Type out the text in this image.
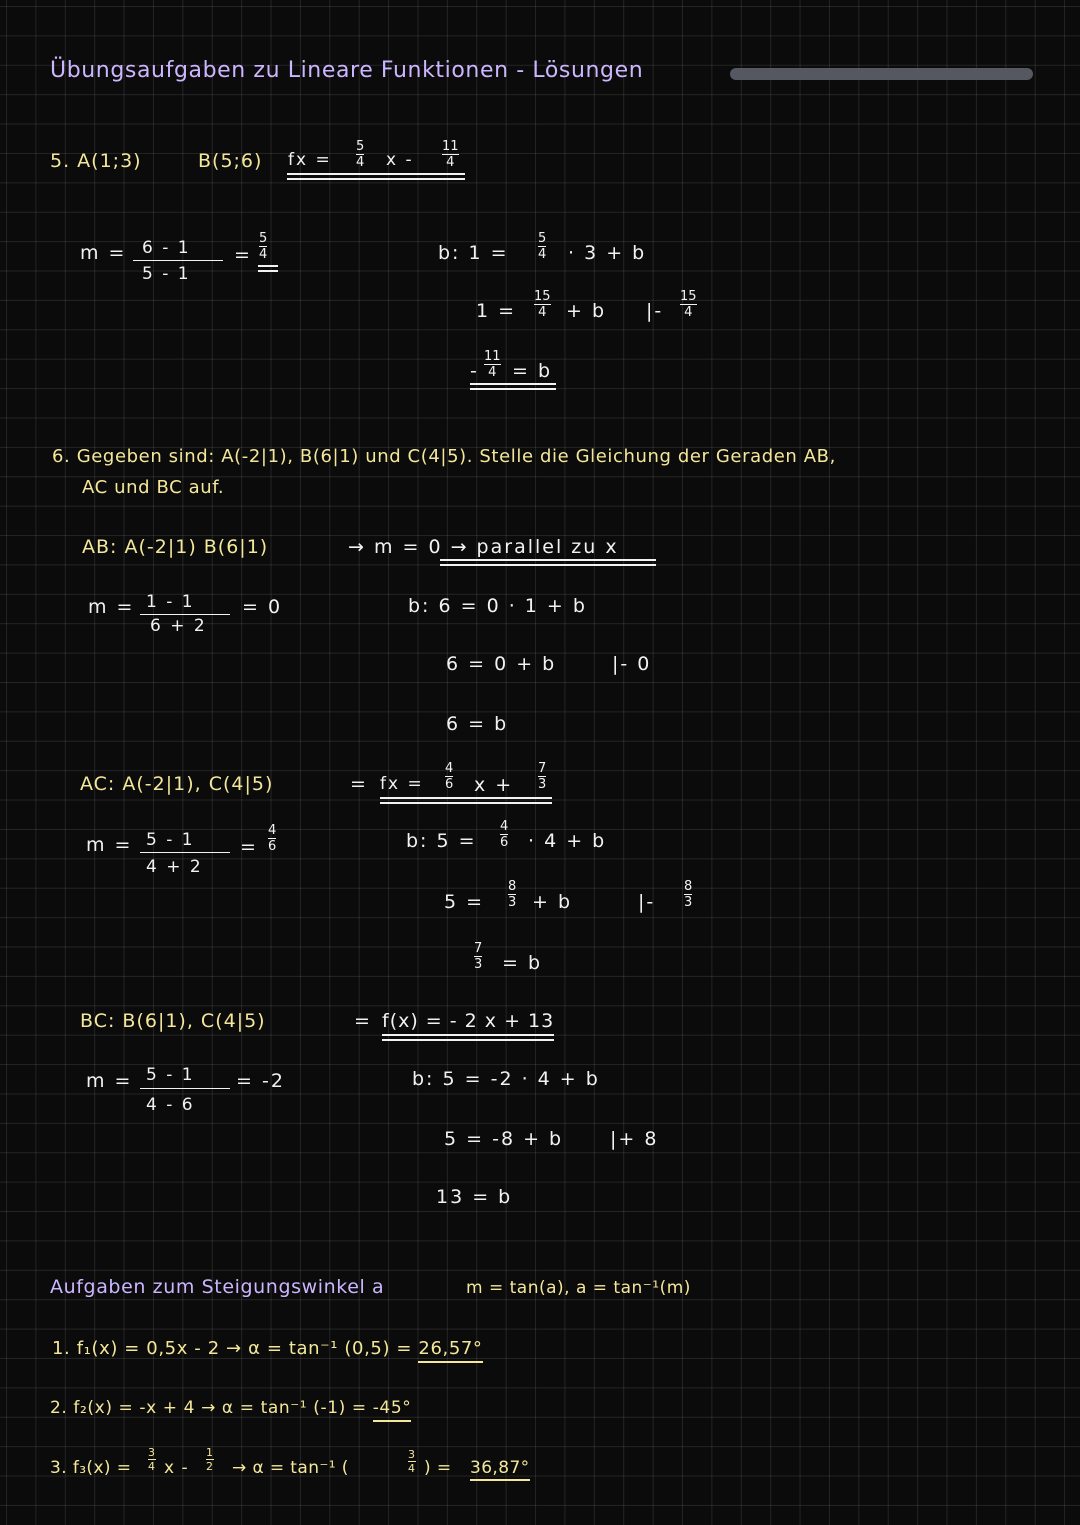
Übungsaufgaben zu Lineare Funktionen - Lösungen
5. A(1;3)	B(5;6) fx =
5
4 x -
11
4
m = 6 - 1
5 - 1
=
5
4	b: 1 =
5
4 · 3 + b
1 =
15
4 + b |-
15
4
-
11
4 = b
6. Gegeben sind: A(-2|1), B(6|1) und C(4|5). Stelle die Gleichung der Geraden AB,
AC und BC auf.
AB: A(-2|1) B(6|1)	→ m = 0 → parallel zu x
m = 1 - 1
6 + 2
= 0	b: 6 = 0 · 1 + b
6 = 0 + b	|- 0
6 = b
AC: A(-2|1), C(4|5)	= fx =
4
6 x +
7
3
m = 5 - 1
4 + 2
=
4
6	b: 5 =
4
6 · 4 + b
5 =
8
3 + b	|-
8
3
7
3 = b
BC: B(6|1), C(4|5)	= f(x) = - 2 x + 13
m = 5 - 1
4 - 6
= -2	b: 5 = -2 · 4 + b
5 = -8 + b |+ 8
13 = b
Aufgaben zum Steigungswinkel a	m = tan(a), a = tan⁻¹(m)
1. f₁(x) = 0,5x - 2 → α = tan⁻¹ (0,5) = 26,57°
2. f₂(x) = -x + 4 → α = tan⁻¹ (-1) = -45°
3. f₃(x) =
3
4 x -
1
2 → α = tan⁻¹ (
3
4 ) = 36,87°
